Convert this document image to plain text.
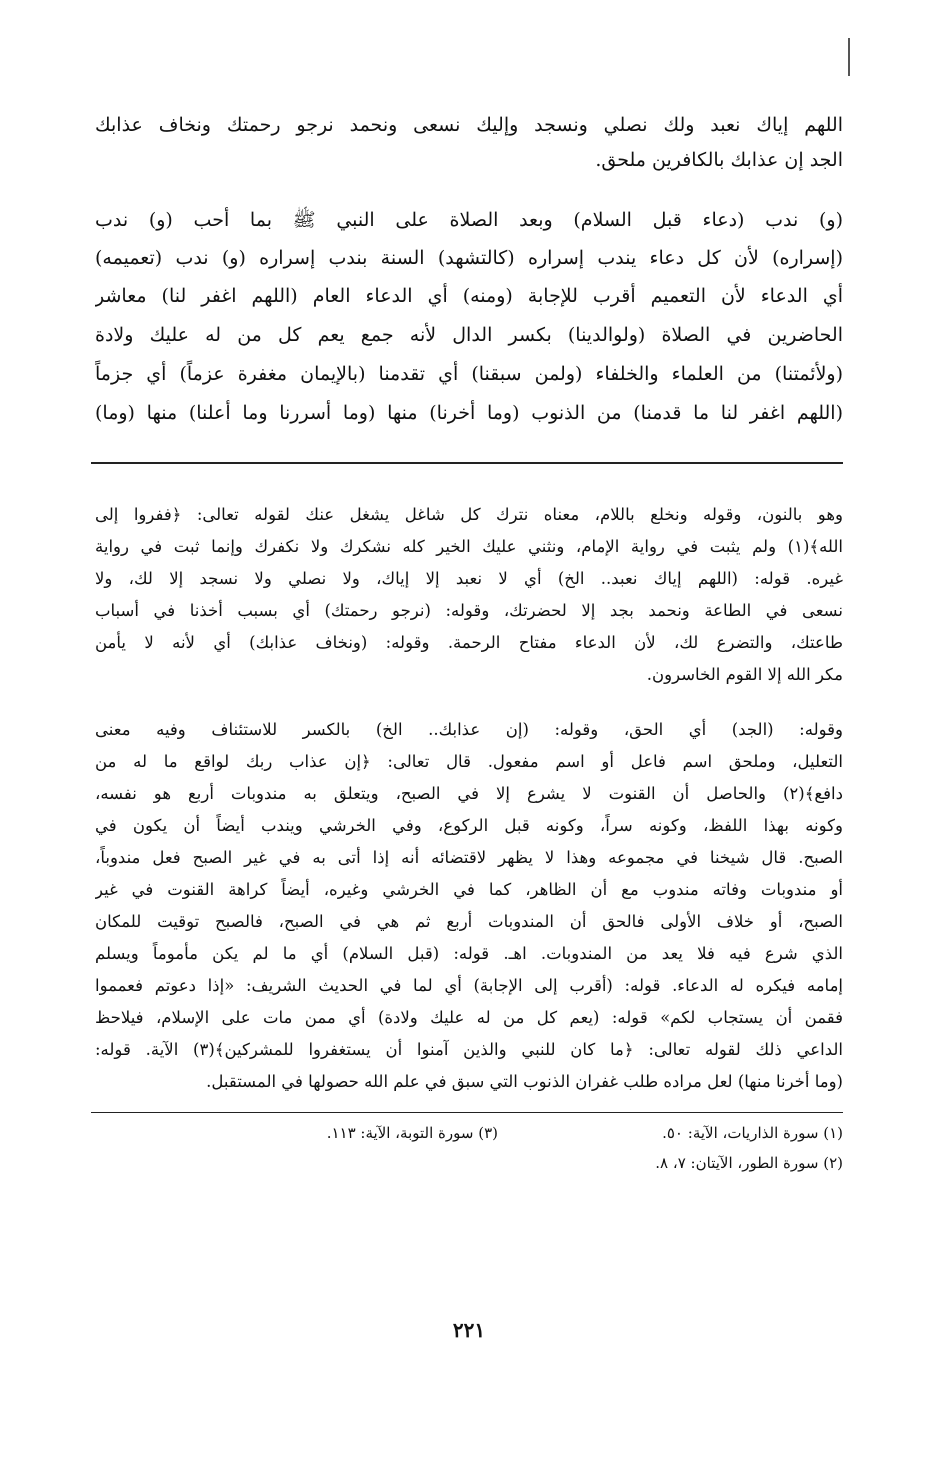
اللهم إياك نعبد ولك نصلي ونسجد وإليك نسعى ونحمد نرجو رحمتك ونخاف عذابك
الجد إن عذابك بالكافرين ملحق.
(و) ندب (دعاء قبل السلام) وبعد الصلاة على النبي ﷺ بما أحب (و) ندب
(إسراره) لأن كل دعاء يندب إسراره (كالتشهد) السنة بندب إسراره (و) ندب (تعميمه)
أي الدعاء لأن التعميم أقرب للإجابة (ومنه) أي الدعاء العام (اللهم اغفر لنا) معاشر
الحاضرين في الصلاة (ولوالدينا) بكسر الدال لأنه جمع يعم كل من له عليك ولادة
(ولأئمتنا) من العلماء والخلفاء (ولمن سبقنا) أي تقدمنا (بالإيمان مغفرة عزماً) أي جزماً
(اللهم اغفر لنا ما قدمنا) من الذنوب (وما أخرنا) منها (وما أسررنا وما أعلنا) منها (وما)
وهو بالنون، وقوله ونخلع باللام، معناه نترك كل شاغل يشغل عنك لقوله تعالى: ﴿ففروا إلى
الله﴾(١) ولم يثبت في رواية الإمام، ونثني عليك الخير كله نشكرك ولا نكفرك وإنما ثبت في رواية
غيره. قوله: (اللهم إياك نعبد.. الخ) أي لا نعبد إلا إياك، ولا نصلي ولا نسجد إلا لك، ولا
نسعى في الطاعة ونحمد بجد إلا لحضرتك، وقوله: (نرجو رحمتك) أي بسبب أخذنا في أسباب
طاعتك، والتضرع لك، لأن الدعاء مفتاح الرحمة. وقوله: (ونخاف عذابك) أي لأنه لا يأمن
مكر الله إلا القوم الخاسرون.
وقوله: (الجد) أي الحق، وقوله: (إن عذابك.. الخ) بالكسر للاستئناف وفيه معنى
التعليل، وملحق اسم فاعل أو اسم مفعول. قال تعالى: ﴿إن عذاب ربك لواقع ما له من
دافع﴾(٢) والحاصل أن القنوت لا يشرع إلا في الصبح، ويتعلق به مندوبات أربع هو نفسه،
وكونه بهذا اللفظ، وكونه سراً، وكونه قبل الركوع، وفي الخرشي ويندب أيضاً أن يكون في
الصبح. قال شيخنا في مجموعه وهذا لا يظهر لاقتضائه أنه إذا أتى به في غير الصبح فعل مندوباً،
أو مندوبات وفاته مندوب مع أن الظاهر، كما في الخرشي وغيره، أيضاً كراهة القنوت في غير
الصبح، أو خلاف الأولى فالحق أن المندوبات أربع ثم هي في الصبح، فالصبح توقيت للمكان
الذي شرع فيه فلا يعد من المندوبات. اهـ. قوله: (قبل السلام) أي ما لم يكن مأموماً ويسلم
إمامه فيكره له الدعاء. قوله: (أقرب إلى الإجابة) أي لما في الحديث الشريف: «إذا دعوتم فعمموا
فقمن أن يستجاب لكم» قوله: (يعم كل من له عليك ولادة) أي ممن مات على الإسلام، فيلاحظ
الداعي ذلك لقوله تعالى: ﴿ما كان للنبي والذين آمنوا أن يستغفروا للمشركين﴾(٣) الآية. قوله:
(وما أخرنا منها) لعل مراده طلب غفران الذنوب التي سبق في علم الله حصولها في المستقبل.
(١) سورة الذاريات، الآية: ٥٠.
(٣) سورة التوبة، الآية: ١١٣.
(٢) سورة الطور، الآيتان: ٧، ٨.
٢٢١
